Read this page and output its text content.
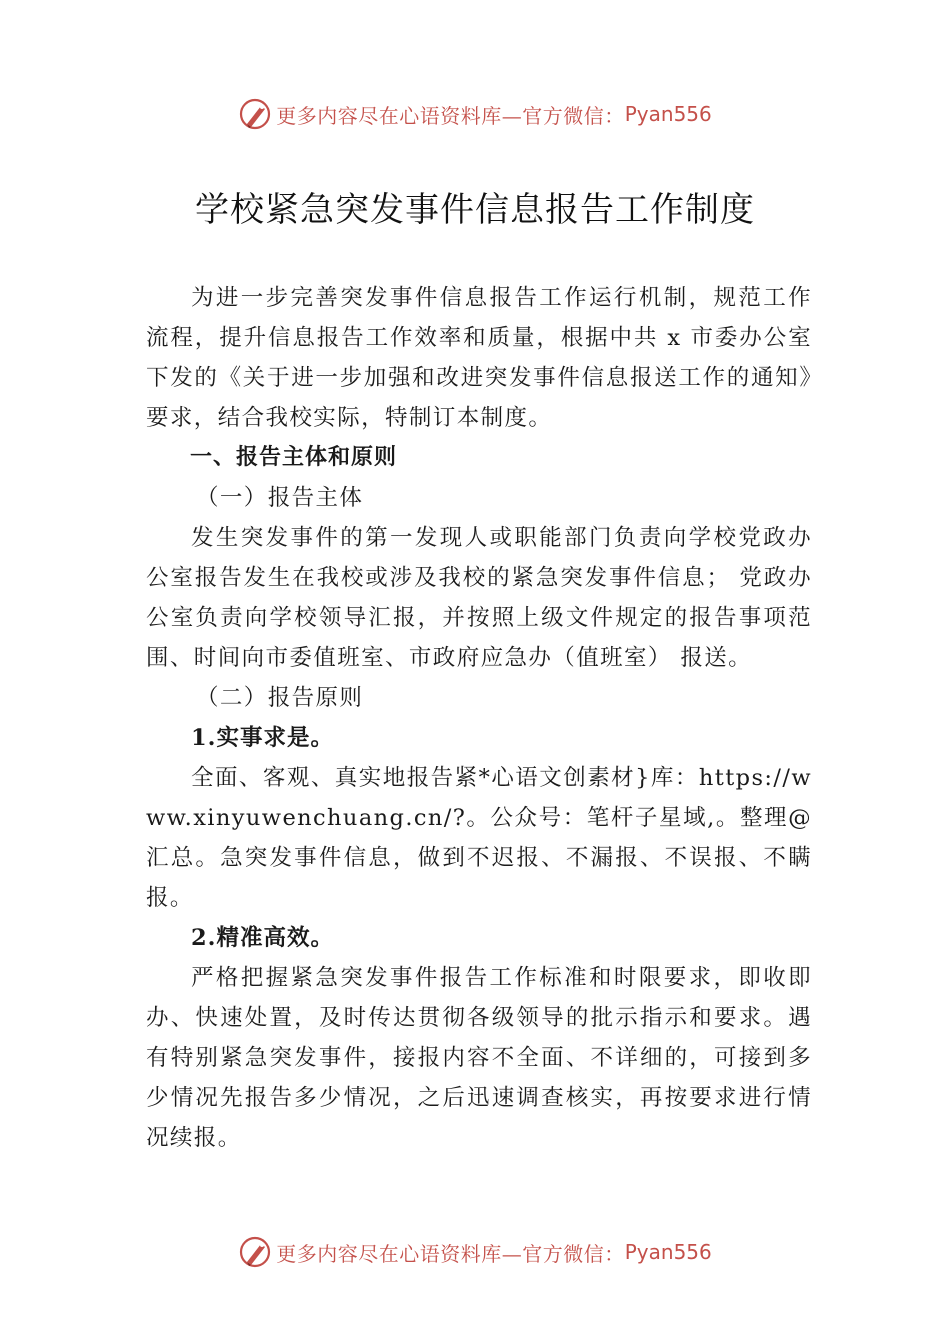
更多内容尽在心语资料库—官方微信： Pyan556
学校紧急突发事件信息报告工作制度

为进一步完善突发事件信息报告工作运行机制，规范工作流程，提升信息报告工作效率和质量，根据中共 x 市委办公室下发的《关于进一步加强和改进突发事件信息报送工作的通知》要求，结合我校实际，特制订本制度。

一、报告主体和原则

（一）报告主体

发生突发事件的第一发现人或职能部门负责向学校党政办公室报告发生在我校或涉及我校的紧急突发事件信息； 党政办公室负责向学校领导汇报，并按照上级文件规定的报告事项范围、时间向市委值班室、市政府应急办（值班室） 报送。

（二）报告原则

1.实事求是。

全面、客观、真实地报告紧*心语文创素材}库：https://www.xinyuwenchuang.cn/?。公众号：笔杆子星域,。整理@汇总。急突发事件信息，做到不迟报、不漏报、不误报、不瞒报。

2.精准高效。

严格把握紧急突发事件报告工作标准和时限要求，即收即办、快速处置，及时传达贯彻各级领导的批示指示和要求。遇有特别紧急突发事件，接报内容不全面、不详细的，可接到多少情况先报告多少情况，之后迅速调查核实，再按要求进行情况续报。

更多内容尽在心语资料库—官方微信： Pyan556
